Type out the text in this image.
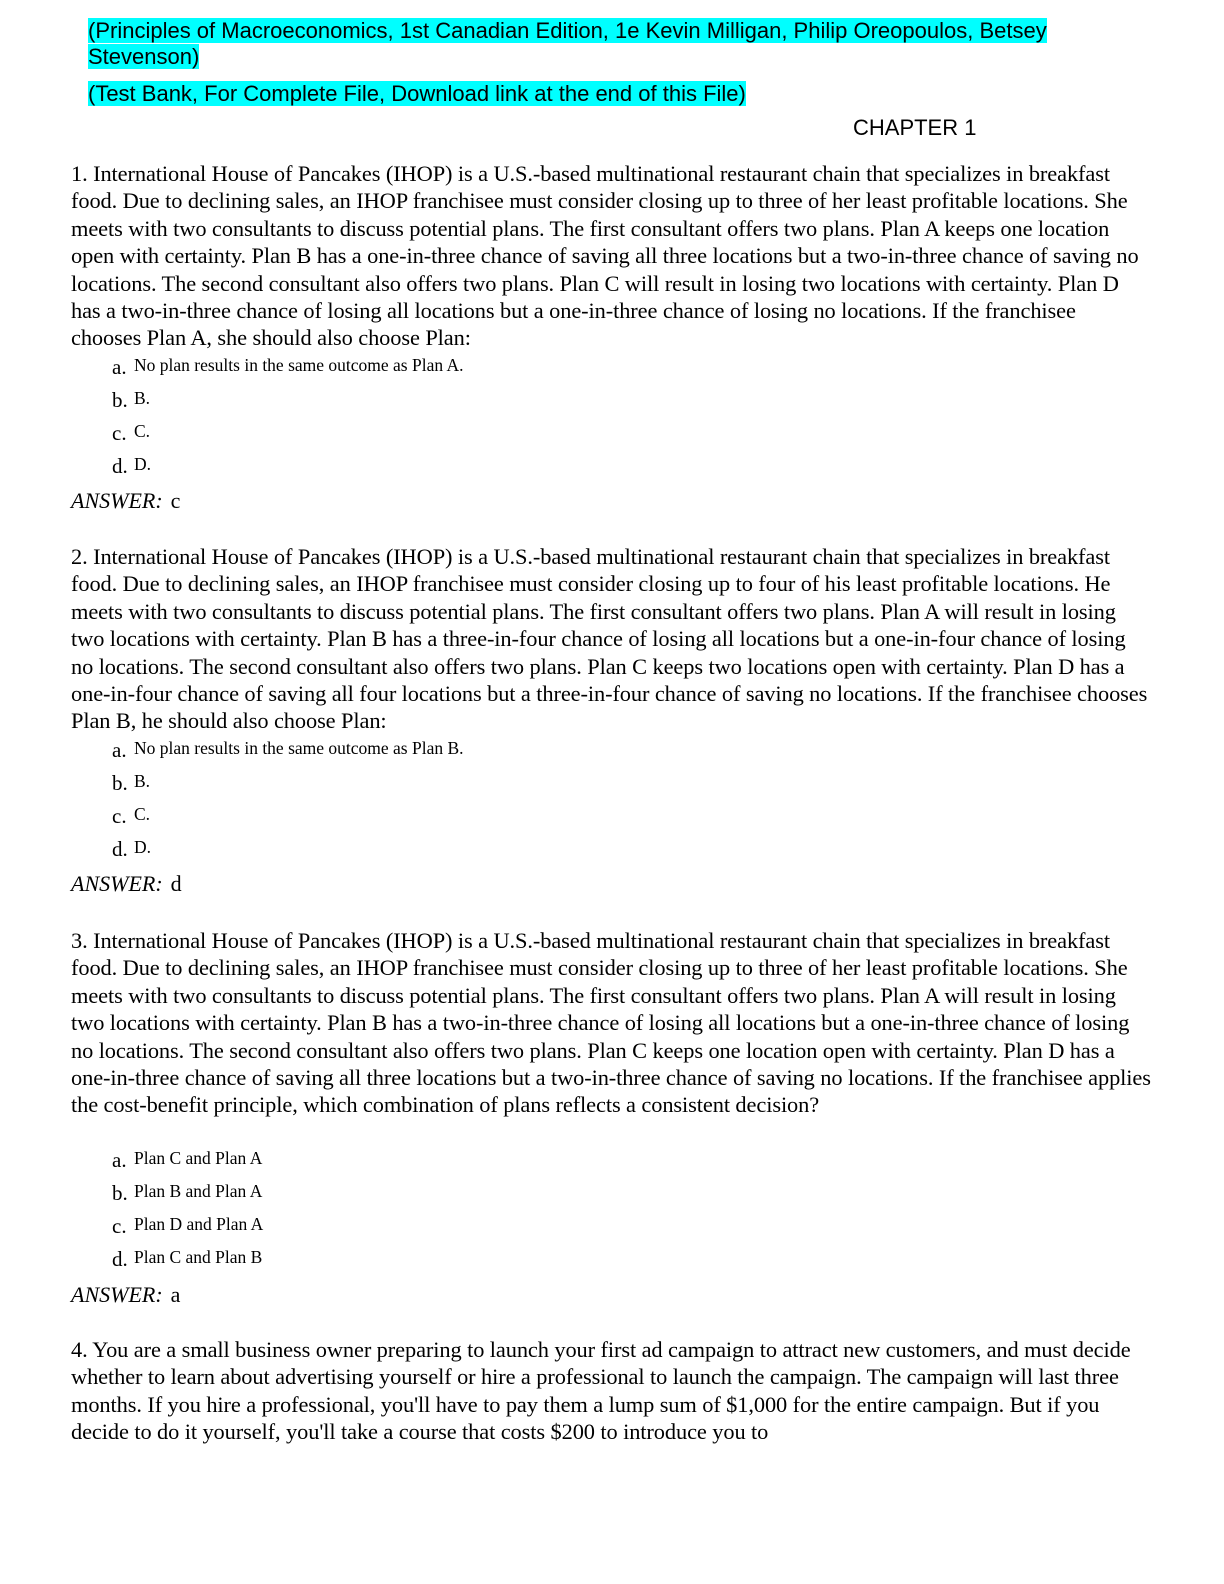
(Principles of Macroeconomics, 1st Canadian Edition, 1e Kevin Milligan, Philip Oreopoulos, Betsey Stevenson)
(Test Bank, For Complete File, Download link at the end of this File)
CHAPTER 1
1. International House of Pancakes (IHOP) is a U.S.-based multinational restaurant chain that specializes in breakfast food. Due to declining sales, an IHOP franchisee must consider closing up to three of her least profitable locations. She meets with two consultants to discuss potential plans. The first consultant offers two plans. Plan A keeps one location open with certainty. Plan B has a one-in-three chance of saving all three locations but a two-in-three chance of saving no locations. The second consultant also offers two plans. Plan C will result in losing two locations with certainty. Plan D has a two-in-three chance of losing all locations but a one-in-three chance of losing no locations. If the franchisee chooses Plan A, she should also choose Plan:
a. No plan results in the same outcome as Plan A.
b. B.
c. C.
d. D.
ANSWER: c
2. International House of Pancakes (IHOP) is a U.S.-based multinational restaurant chain that specializes in breakfast food. Due to declining sales, an IHOP franchisee must consider closing up to four of his least profitable locations. He meets with two consultants to discuss potential plans. The first consultant offers two plans. Plan A will result in losing two locations with certainty. Plan B has a three-in-four chance of losing all locations but a one-in-four chance of losing no locations. The second consultant also offers two plans. Plan C keeps two locations open with certainty. Plan D has a one-in-four chance of saving all four locations but a three-in-four chance of saving no locations. If the franchisee chooses Plan B, he should also choose Plan:
a. No plan results in the same outcome as Plan B.
b. B.
c. C.
d. D.
ANSWER: d
3. International House of Pancakes (IHOP) is a U.S.-based multinational restaurant chain that specializes in breakfast food. Due to declining sales, an IHOP franchisee must consider closing up to three of her least profitable locations. She meets with two consultants to discuss potential plans. The first consultant offers two plans. Plan A will result in losing two locations with certainty. Plan B has a two-in-three chance of losing all locations but a one-in-three chance of losing no locations. The second consultant also offers two plans. Plan C keeps one location open with certainty. Plan D has a one-in-three chance of saving all three locations but a two-in-three chance of saving no locations. If the franchisee applies the cost-benefit principle, which combination of plans reflects a consistent decision?
a. Plan C and Plan A
b. Plan B and Plan A
c. Plan D and Plan A
d. Plan C and Plan B
ANSWER: a
4. You are a small business owner preparing to launch your first ad campaign to attract new customers, and must decide whether to learn about advertising yourself or hire a professional to launch the campaign. The campaign will last three months. If you hire a professional, you'll have to pay them a lump sum of $1,000 for the entire campaign. But if you decide to do it yourself, you'll take a course that costs $200 to introduce you to
